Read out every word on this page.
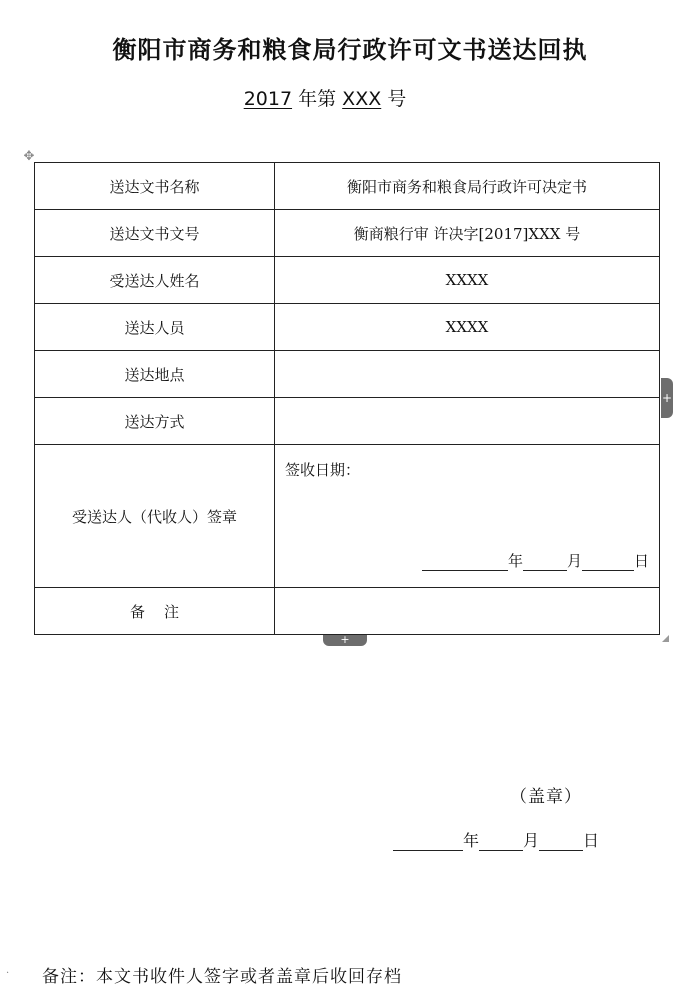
衡阳市商务和粮食局行政许可文书送达回执
2017 年第 XXX 号
✥
送达文书名称	衡阳市商务和粮食局行政许可决定书
送达文书文号	衡商粮行审 许决字[2017]XXX 号
受送达人姓名	XXXX
送达人员	XXXX
送达地点	
送达方式	
受送达人（代收人）签章	签收日期：
年 月 日

备    注	
+
+
（盖章）
年	月	日
· 备注：本文书收件人签字或者盖章后收回存档
